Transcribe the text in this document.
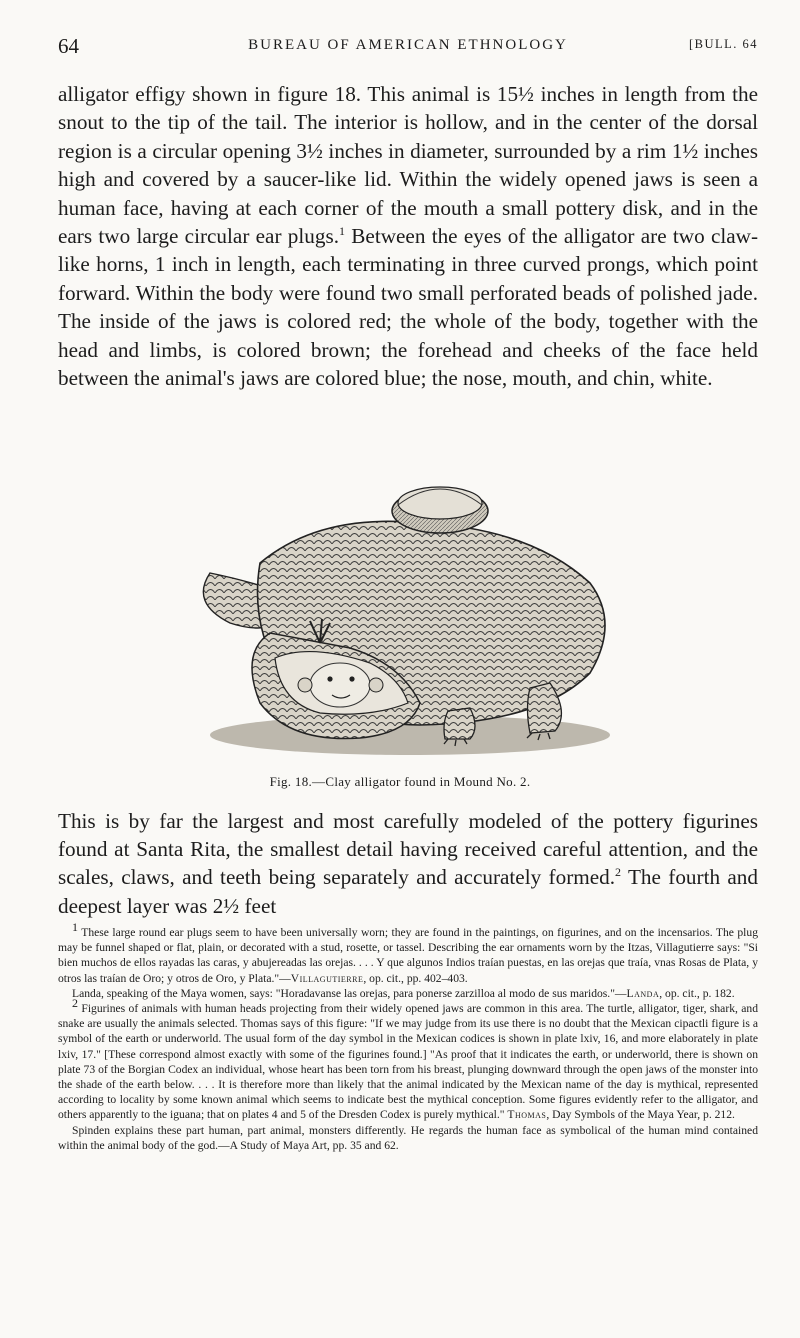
64	BUREAU OF AMERICAN ETHNOLOGY	[BULL. 64

alligator effigy shown in figure 18. This animal is 15½ inches in length from the snout to the tip of the tail. The interior is hollow, and in the center of the dorsal region is a circular opening 3½ inches in diameter, surrounded by a rim 1½ inches high and covered by a saucer-like lid. Within the widely opened jaws is seen a human face, having at each corner of the mouth a small pottery disk, and in the ears two large circular ear plugs.$^1$ Between the eyes of the alligator are two claw-like horns, 1 inch in length, each terminating in three curved prongs, which point forward. Within the body were found two small perforated beads of polished jade. The inside of the jaws is colored red; the whole of the body, together with the head and limbs, is colored brown; the forehead and cheeks of the face held between the animal's jaws are colored blue; the nose, mouth, and chin, white.

Fig. 18.—Clay alligator found in Mound No. 2.

This is by far the largest and most carefully modeled of the pottery figurines found at Santa Rita, the smallest detail having received careful attention, and the scales, claws, and teeth being separately and accurately formed.$^2$ The fourth and deepest layer was 2½ feet

$^1$ These large round ear plugs seem to have been universally worn; they are found in the paintings, on figurines, and on the incensarios. The plug may be funnel shaped or flat, plain, or decorated with a stud, rosette, or tassel. Describing the ear ornaments worn by the Itzas, Villagutierre says: "Si bien muchos de ellos rayadas las caras, y abujereadas las orejas. . . . Y que algunos Indios traían puestas, en las orejas que traía, vnas Rosas de Plata, y otros las traían de Oro; y otros de Oro, y Plata."—Villagutierre, op. cit., pp. 402–403.

Landa, speaking of the Maya women, says: "Horadavanse las orejas, para ponerse zarzilloa al modo de sus maridos."—Landa, op. cit., p. 182.

$^2$ Figurines of animals with human heads projecting from their widely opened jaws are common in this area. The turtle, alligator, tiger, shark, and snake are usually the animals selected. Thomas says of this figure: "If we may judge from its use there is no doubt that the Mexican cipactli figure is a symbol of the earth or underworld. The usual form of the day symbol in the Mexican codices is shown in plate lxiv, 16, and more elaborately in plate lxiv, 17." [These correspond almost exactly with some of the figurines found.] "As proof that it indicates the earth, or underworld, there is shown on plate 73 of the Borgian Codex an individual, whose heart has been torn from his breast, plunging downward through the open jaws of the monster into the shade of the earth below. . . . It is therefore more than likely that the animal indicated by the Mexican name of the day is mythical, represented according to locality by some known animal which seems to indicate best the mythical conception. Some figures evidently refer to the alligator, and others apparently to the iguana; that on plates 4 and 5 of the Dresden Codex is purely mythical." Thomas, Day Symbols of the Maya Year, p. 212.

Spinden explains these part human, part animal, monsters differently. He regards the human face as symbolical of the human mind contained within the animal body of the god.—A Study of Maya Art, pp. 35 and 62.
